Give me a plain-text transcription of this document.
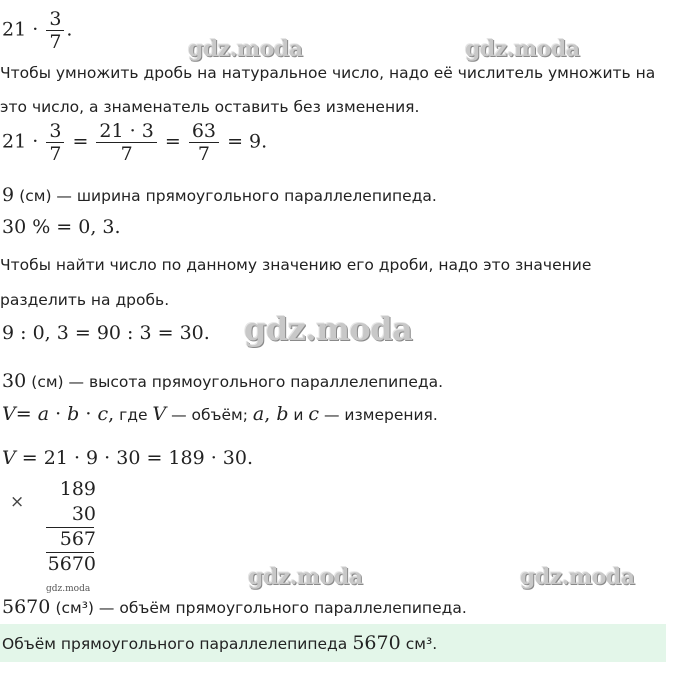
$21 \cdot \frac{3}{7}$ .
gdz.moda	gdz.moda
Чтобы умножить дробь на натуральное число, надо её числитель умножить на
это число, а знаменатель оставить без изменения.
$21 \cdot \frac{3}{7} = \frac{21 \cdot 3}{7} = \frac{63}{7} = 9$.
9 (см) — ширина прямоугольного параллелепипеда.
30 % = 0, 3.
Чтобы найти число по данному значению его дроби, надо это значение
разделить на дробь.
9 : 0, 3 = 90 : 3 = 30. gdz.moda
30 (см) — высота прямоугольного параллелепипеда.
V= a · b · c, где V — объём; a, b и c — измерения.
V = 21 · 9 · 30 = 189 · 30.
×
189
30
567
5670
gdz.moda	gdz.moda	gdz.moda
5670 (см³) — объём прямоугольного параллелепипеда.
Объём прямоугольного параллелепипеда 5670 см³.
